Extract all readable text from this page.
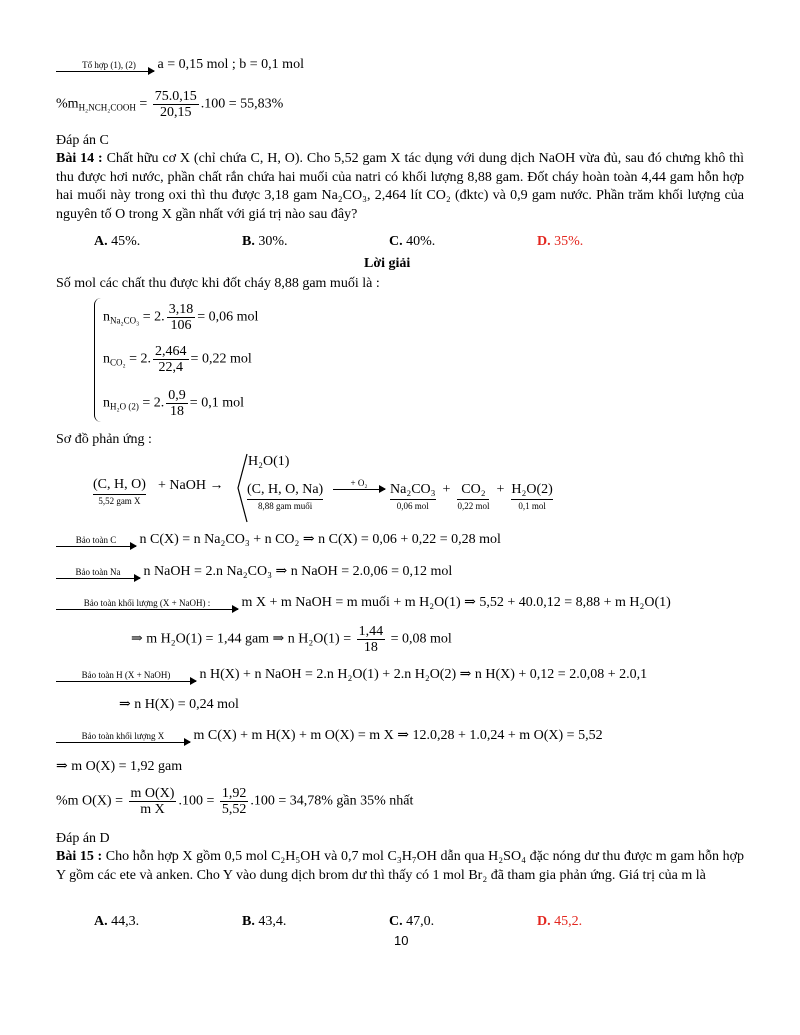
Tổ hợp (1), (2)	a = 0,15 mol ; b = 0,1 mol
$\%m_{H_2NCH_2COOH} = \frac{75.0,15}{20,15} .100 = 55,83\%$
Đáp án C
Bài 14 : Chất hữu cơ X (chỉ chứa C, H, O). Cho 5,52 gam X tác dụng với dung dịch NaOH vừa đủ, sau đó chưng khô thì thu được hơi nước, phần chất rắn chứa hai muối của natri có khối lượng 8,88 gam. Đốt cháy hoàn toàn 4,44 gam hỗn hợp hai muối này trong oxi thì thu được 3,18 gam Na₂CO₃, 2,464 lít CO₂ (đktc) và 0,9 gam nước. Phần trăm khối lượng của nguyên tố O trong X gần nhất với giá trị nào sau đây?
A. 45%.	B. 30%.	C. 40%.	D. 35%.
Lời giải
Số mol các chất thu được khi đốt cháy 8,88 gam muối là :
$n_{Na_2CO_3} = 2$. $\frac{3,18}{106} = 0,06$ mol
$n_{CO_2} = 2$. $\frac{2,464}{22,4} = 0,22$ mol
$n_{H_2O (2)} = 2$. $\frac{0,9}{18} = 0,1$ mol
Sơ đồ phản ứng :
(C, H, O)
5,52 gam X
+ NaOH →
H₂O(1)
(C, H, O, Na)
8,88 gam muối
+ O₂	Na₂CO₃
0,06 mol
+ CO₂
0,22 mol
+ H₂O(2)
0,1 mol
Bảo toàn C	n C(X) = n Na₂CO₃ + n CO₂ ⇒ n C(X) = 0,06 + 0,22 = 0,28 mol
Bảo toàn Na	n NaOH = 2.n Na₂CO₃ ⇒ n NaOH = 2.0,06 = 0,12 mol
Bảo toàn khối lượng (X + NaOH) :	m X + m NaOH = m muối + m H₂O(1) ⇒ 5,52 + 40.0,12 = 8,88 + m H₂O(1)
⇒ m H₂O(1) = 1,44 gam ⇒ n $H_2O(1) = \frac{1,44}{18} = 0,08$ mol
Bảo toàn H (X + NaOH)	n H(X) + n NaOH = 2.n H₂O(1) + 2.n H₂O(2) ⇒ n H(X) + 0,12 = 2.0,08 + 2.0,1
⇒ n H(X) = 0,24 mol
Bảo toàn khối lượng X	m C(X) + m H(X) + m O(X) = m X ⇒ 12.0,28 + 1.0,24 + m O(X) = 5,52
⇒ m O(X) = 1,92 gam
%m $O(X) = \frac{\text{m O(X)}}{\text{m X}} .100 = \frac{1,92}{5,52} .100 = 34,78\%$ gần 35% nhất
Đáp án D
Bài 15 : Cho hỗn hợp X gồm 0,5 mol C₂H₅OH và 0,7 mol C₃H₇OH dẫn qua H₂SO₄ đặc nóng dư thu được m gam hỗn hợp Y gồm các ete và anken. Cho Y vào dung dịch brom dư thì thấy có 1 mol Br₂ đã tham gia phản ứng. Giá trị của m là
A. 44,3.	B. 43,4.	C. 47,0.	D. 45,2.
10
